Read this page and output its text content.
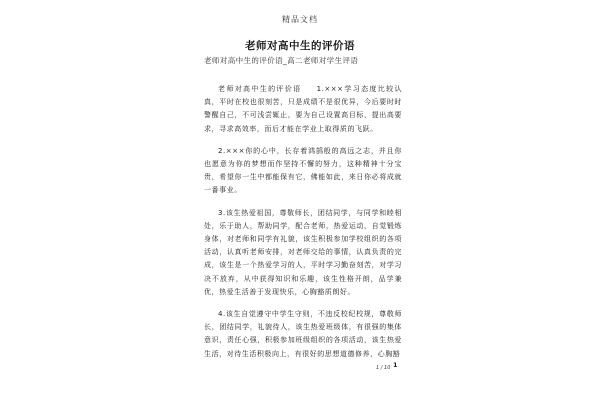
精品文档
老师对高中生的评价语
老师对高中生的评价语_高二老师对学生评语

老师对高中生的评价语   1.×××学习态度比较认真，平时在校也很刻苦，只是成绩不是很优异，今后要时时警醒自己，不可浅尝辄止，要为自己设置高目标，提出高要求，寻求高效率，而后才能在学业上取得质的飞跃。

2.×××你的心中，长存着鸿鹄般的高远之志，并且你也愿意为你的梦想而作坚持不懈的努力，这种精神十分宝贵，希望你一生中都能保有它，佛能如此，来日你必将成就一番事业。

3.该生热爱祖国，尊敬师长，团结同学，与同学和睦相处，乐于助人，帮助同学，配合老师，热爱运动，自觉锻炼身体，对老师和同学有礼貌，该生积极参加学校组织的各项活动，认真听老师安排，对老师交给的事情，认真负责的完成，该生是一个热爱学习的人，平时学习勤奋刻苦，对学习决不放弃，从中获得知识和乐趣，该生性格开朗，品学兼优，热爱生活善于发现快乐，心胸豁质朗好。

4.该生自觉遵守中学生守则，不违反校纪校规，尊敬师长，团结同学，礼貌待人，该生热爱班级体，有很强的集体意识，责任心强，积极参加班级组织的各项活动，该生热爱生活，对待生活积极向上，有很好的思想道德修养，心胸豁

1 / 10 1
